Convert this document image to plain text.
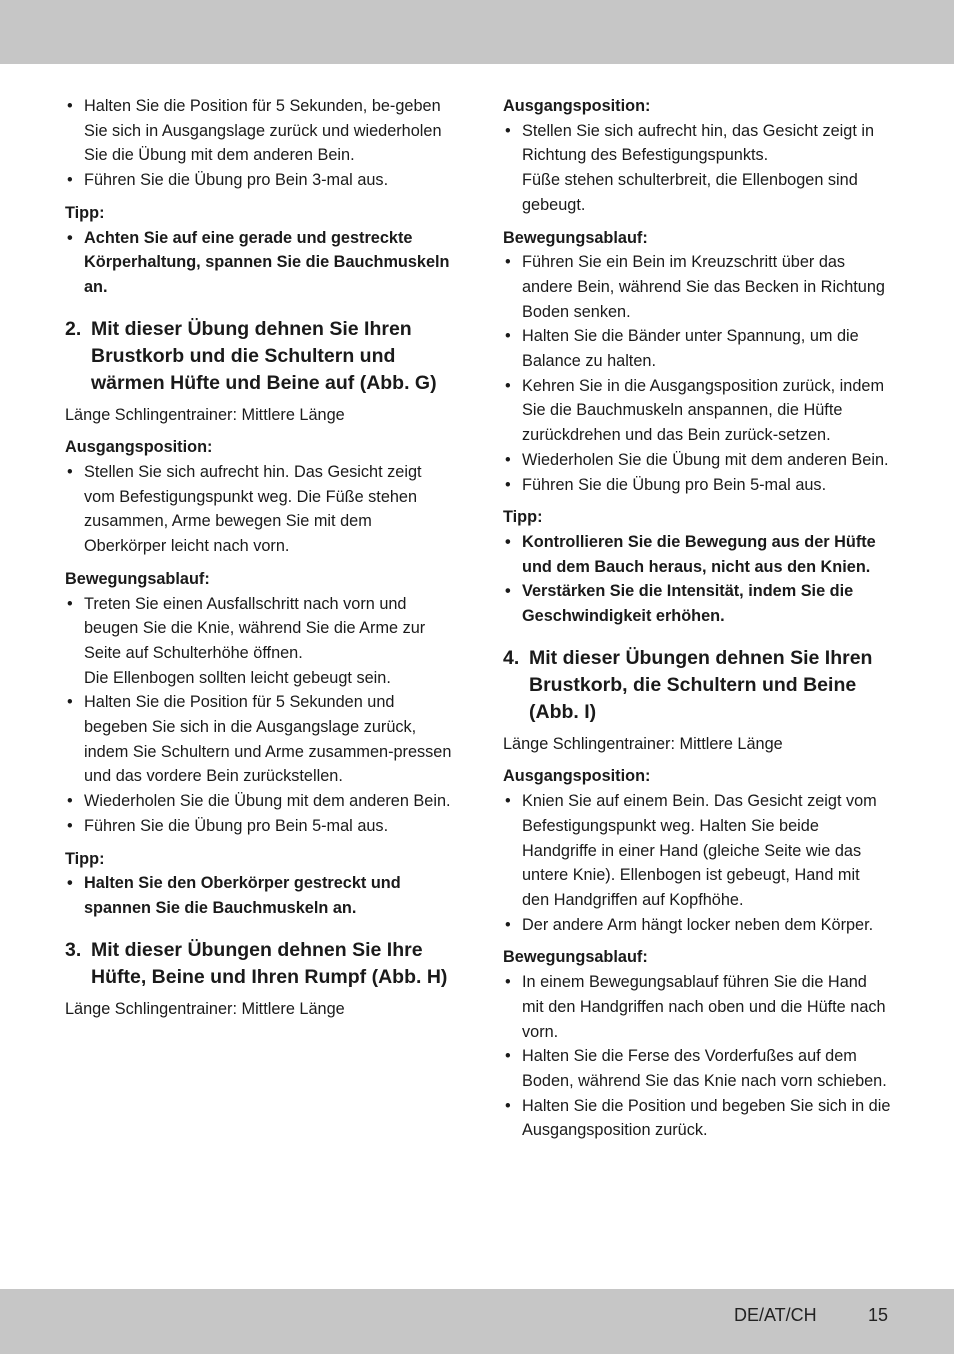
• Halten Sie die Position für 5 Sekunden, be-geben Sie sich in Ausgangslage zurück und wiederholen Sie die Übung mit dem anderen Bein.
• Führen Sie die Übung pro Bein 3-mal aus.
Tipp:
• Achten Sie auf eine gerade und gestreckte Körperhaltung, spannen Sie die Bauchmuskeln an.
2. Mit dieser Übung dehnen Sie Ihren Brustkorb und die Schultern und wärmen Hüfte und Beine auf (Abb. G)
Länge Schlingentrainer: Mittlere Länge
Ausgangsposition:
• Stellen Sie sich aufrecht hin. Das Gesicht zeigt vom Befestigungspunkt weg. Die Füße stehen zusammen, Arme bewegen Sie mit dem Oberkörper leicht nach vorn.
Bewegungsablauf:
• Treten Sie einen Ausfallschritt nach vorn und beugen Sie die Knie, während Sie die Arme zur Seite auf Schulterhöhe öffnen.
Die Ellenbogen sollten leicht gebeugt sein.
• Halten Sie die Position für 5 Sekunden und begeben Sie sich in die Ausgangslage zurück, indem Sie Schultern und Arme zusammen-pressen und das vordere Bein zurückstellen.
• Wiederholen Sie die Übung mit dem anderen Bein.
• Führen Sie die Übung pro Bein 5-mal aus.
Tipp:
• Halten Sie den Oberkörper gestreckt und spannen Sie die Bauchmuskeln an.
3. Mit dieser Übungen dehnen Sie Ihre Hüfte, Beine und Ihren Rumpf (Abb. H)
Länge Schlingentrainer: Mittlere Länge
Ausgangsposition:
• Stellen Sie sich aufrecht hin, das Gesicht zeigt in Richtung des Befestigungspunkts.
Füße stehen schulterbreit, die Ellenbogen sind gebeugt.
Bewegungsablauf:
• Führen Sie ein Bein im Kreuzschritt über das andere Bein, während Sie das Becken in Richtung Boden senken.
• Halten Sie die Bänder unter Spannung, um die Balance zu halten.
• Kehren Sie in die Ausgangsposition zurück, indem Sie die Bauchmuskeln anspannen, die Hüfte zurückdrehen und das Bein zurück-setzen.
• Wiederholen Sie die Übung mit dem anderen Bein.
• Führen Sie die Übung pro Bein 5-mal aus.
Tipp:
• Kontrollieren Sie die Bewegung aus der Hüfte und dem Bauch heraus, nicht aus den Knien.
• Verstärken Sie die Intensität, indem Sie die Geschwindigkeit erhöhen.
4. Mit dieser Übungen dehnen Sie Ihren Brustkorb, die Schultern und Beine (Abb. I)
Länge Schlingentrainer: Mittlere Länge
Ausgangsposition:
• Knien Sie auf einem Bein. Das Gesicht zeigt vom Befestigungspunkt weg. Halten Sie beide Handgriffe in einer Hand (gleiche Seite wie das untere Knie). Ellenbogen ist gebeugt, Hand mit den Handgriffen auf Kopfhöhe.
• Der andere Arm hängt locker neben dem Körper.
Bewegungsablauf:
• In einem Bewegungsablauf führen Sie die Hand mit den Handgriffen nach oben und die Hüfte nach vorn.
• Halten Sie die Ferse des Vorderfußes auf dem Boden, während Sie das Knie nach vorn schieben.
• Halten Sie die Position und begeben Sie sich in die Ausgangsposition zurück.
DE/AT/CH	15
